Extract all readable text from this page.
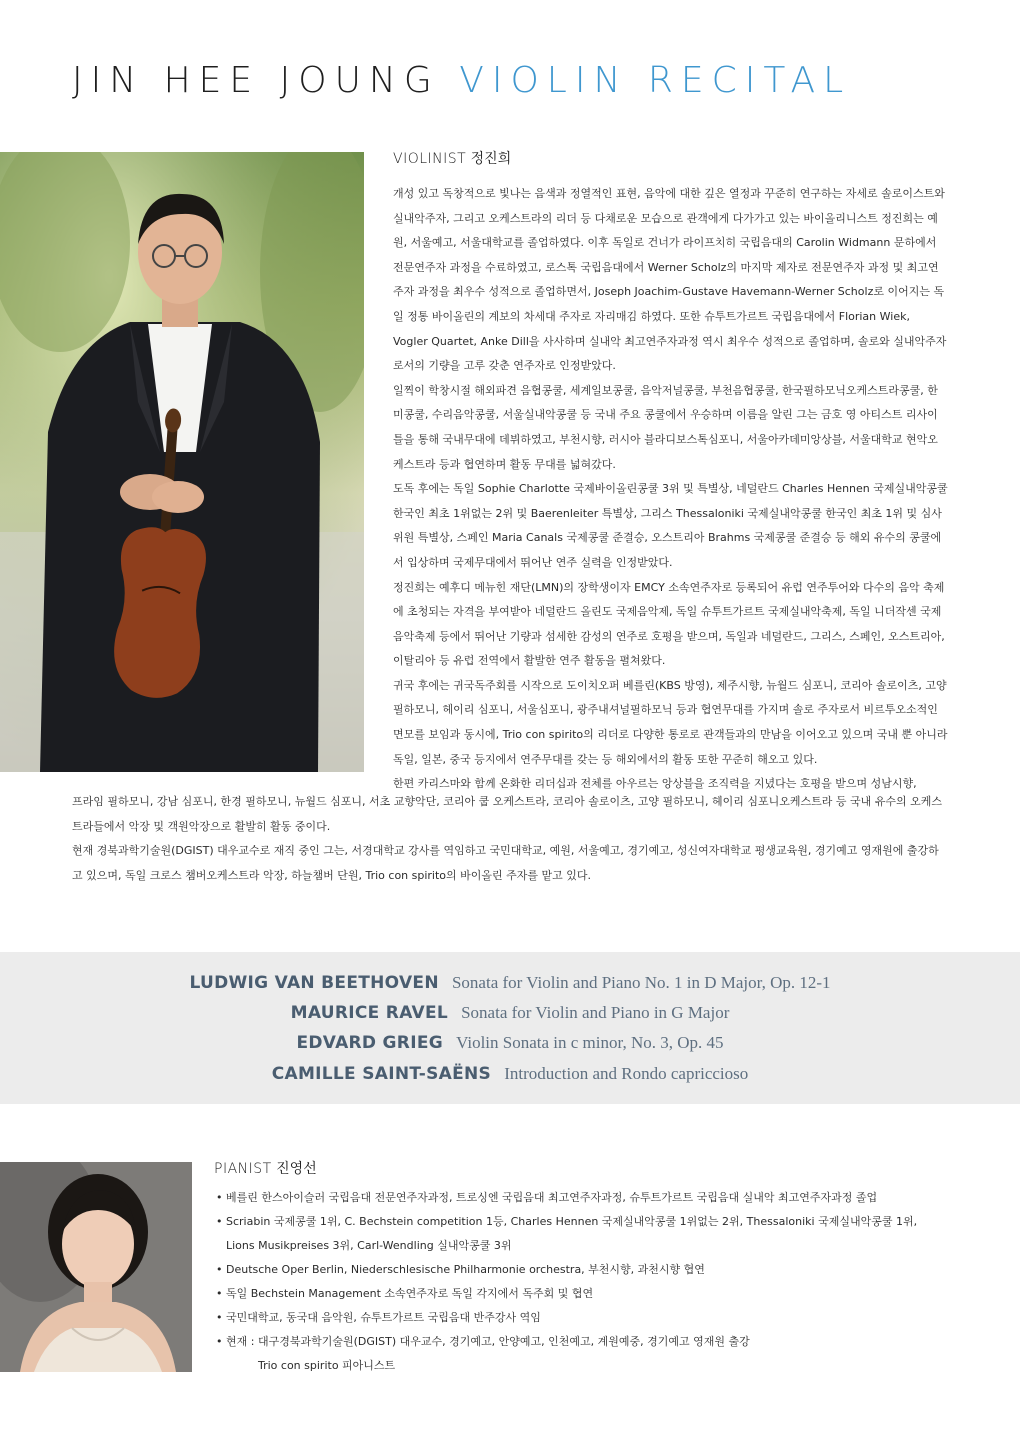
JIN HEE JOUNG VIOLIN RECITAL
VIOLINIST 정진희

개성 있고 독창적으로 빛나는 음색과 정열적인 표현, 음악에 대한 깊은 열정과 꾸준히 연구하는 자세로 솔로이스트와 실내악주자, 그리고 오케스트라의 리더 등 다채로운 모습으로 관객에게 다가가고 있는 바이올리니스트 정진희는 예원, 서울예고, 서울대학교를 졸업하였다. 이후 독일로 건너가 라이프치히 국립음대의 Carolin Widmann 문하에서 전문연주자 과정을 수료하였고, 로스톡 국립음대에서 Werner Scholz의 마지막 제자로 전문연주자 과정 및 최고연주자 과정을 최우수 성적으로 졸업하면서, Joseph Joachim-Gustave Havemann-Werner Scholz로 이어지는 독일 정통 바이올린의 계보의 차세대 주자로 자리매김 하였다. 또한 슈투트가르트 국립음대에서 Florian Wiek, Vogler Quartet, Anke Dill을 사사하며 실내악 최고연주자과정 역시 최우수 성적으로 졸업하며, 솔로와 실내악주자로서의 기량을 고루 갖춘 연주자로 인정받았다.

일찍이 학창시절 해외파견 음협콩쿨, 세계일보콩쿨, 음악저널콩쿨, 부천음협콩쿨, 한국필하모닉오케스트라콩쿨, 한미콩쿨, 수리음악콩쿨, 서울실내악콩쿨 등 국내 주요 콩쿨에서 우승하며 이름을 알린 그는 금호 영 아티스트 리사이틀을 통해 국내무대에 데뷔하였고, 부천시향, 러시아 블라디보스톡심포니, 서울아카데미앙상블, 서울대학교 현악오케스트라 등과 협연하며 활동 무대를 넓혀갔다.

도독 후에는 독일 Sophie Charlotte 국제바이올린콩쿨 3위 및 특별상, 네덜란드 Charles Hennen 국제실내악콩쿨 한국인 최초 1위없는 2위 및 Baerenleiter 특별상, 그리스 Thessaloniki 국제실내악콩쿨 한국인 최초 1위 및 심사위원 특별상, 스페인 Maria Canals 국제콩쿨 준결승, 오스트리아 Brahms 국제콩쿨 준결승 등 해외 유수의 콩쿨에서 입상하며 국제무대에서 뛰어난 연주 실력을 인정받았다.

정진희는 예후디 메뉴힌 재단(LMN)의 장학생이자 EMCY 소속연주자로 등록되어 유럽 연주투어와 다수의 음악 축제에 초청되는 자격을 부여받아 네덜란드 올린도 국제음악제, 독일 슈투트가르트 국제실내악축제, 독일 니더작센 국제음악축제 등에서 뛰어난 기량과 섬세한 감성의 연주로 호평을 받으며, 독일과 네덜란드, 그리스, 스페인, 오스트리아, 이탈리아 등 유럽 전역에서 활발한 연주 활동을 펼쳐왔다.

귀국 후에는 귀국독주회를 시작으로 도이치오퍼 베를린(KBS 방영), 제주시향, 뉴월드 심포니, 코리아 솔로이츠, 고양필하모니, 헤이리 심포니, 서울심포니, 광주내셔널필하모닉 등과 협연무대를 가지며 솔로 주자로서 비르투오소적인 면모를 보임과 동시에, Trio con spirito의 리더로 다양한 통로로 관객들과의 만남을 이어오고 있으며 국내 뿐 아니라 독일, 일본, 중국 등지에서 연주무대를 갖는 등 해외에서의 활동 또한 꾸준히 해오고 있다.

한편 카리스마와 함께 온화한 리더십과 전체를 아우르는 앙상블을 조직력을 지녔다는 호평을 받으며 성남시향,

프라임 필하모니, 강남 심포니, 한경 필하모니, 뉴월드 심포니, 서초 교향악단, 코리아 쿱 오케스트라, 코리아 솔로이츠, 고양 필하모니, 헤이리 심포니오케스트라 등 국내 유수의 오케스트라들에서 악장 및 객원악장으로 활발히 활동 중이다.

현재 경북과학기술원(DGIST) 대우교수로 재직 중인 그는, 서경대학교 강사를 역임하고 국민대학교, 예원, 서울예고, 경기예고, 성신여자대학교 평생교육원, 경기예고 영재원에 출강하고 있으며, 독일 크로스 챔버오케스트라 악장, 하늘챔버 단원, Trio con spirito의 바이올린 주자를 맡고 있다.

LUDWIG VAN BEETHOVEN Sonata for Violin and Piano No. 1 in D Major, Op. 12-1
MAURICE RAVEL Sonata for Violin and Piano in G Major
EDVARD GRIEG Violin Sonata in c minor, No. 3, Op. 45
CAMILLE SAINT-SAËNS Introduction and Rondo capriccioso
PIANIST 진영선
• 베를린 한스아이슬러 국립음대 전문연주자과정, 트로싱엔 국립음대 최고연주자과정, 슈투트가르트 국립음대 실내악 최고연주자과정 졸업
• Scriabin 국제콩쿨 1위, C. Bechstein competition 1등, Charles Hennen 국제실내악콩쿨 1위없는 2위, Thessaloniki 국제실내악콩쿨 1위,
Lions Musikpreises 3위, Carl-Wendling 실내악콩쿨 3위
• Deutsche Oper Berlin, Niederschlesische Philharmonie orchestra, 부천시향, 과천시향 협연
• 독일 Bechstein Management 소속연주자로 독일 각지에서 독주회 및 협연
• 국민대학교, 동국대 음악원, 슈투트가르트 국립음대 반주강사 역임
• 현재 : 대구경북과학기술원(DGIST) 대우교수, 경기예고, 안양예고, 인천예고, 계원예중, 경기예고 영재원 출강
Trio con spirito 피아니스트
